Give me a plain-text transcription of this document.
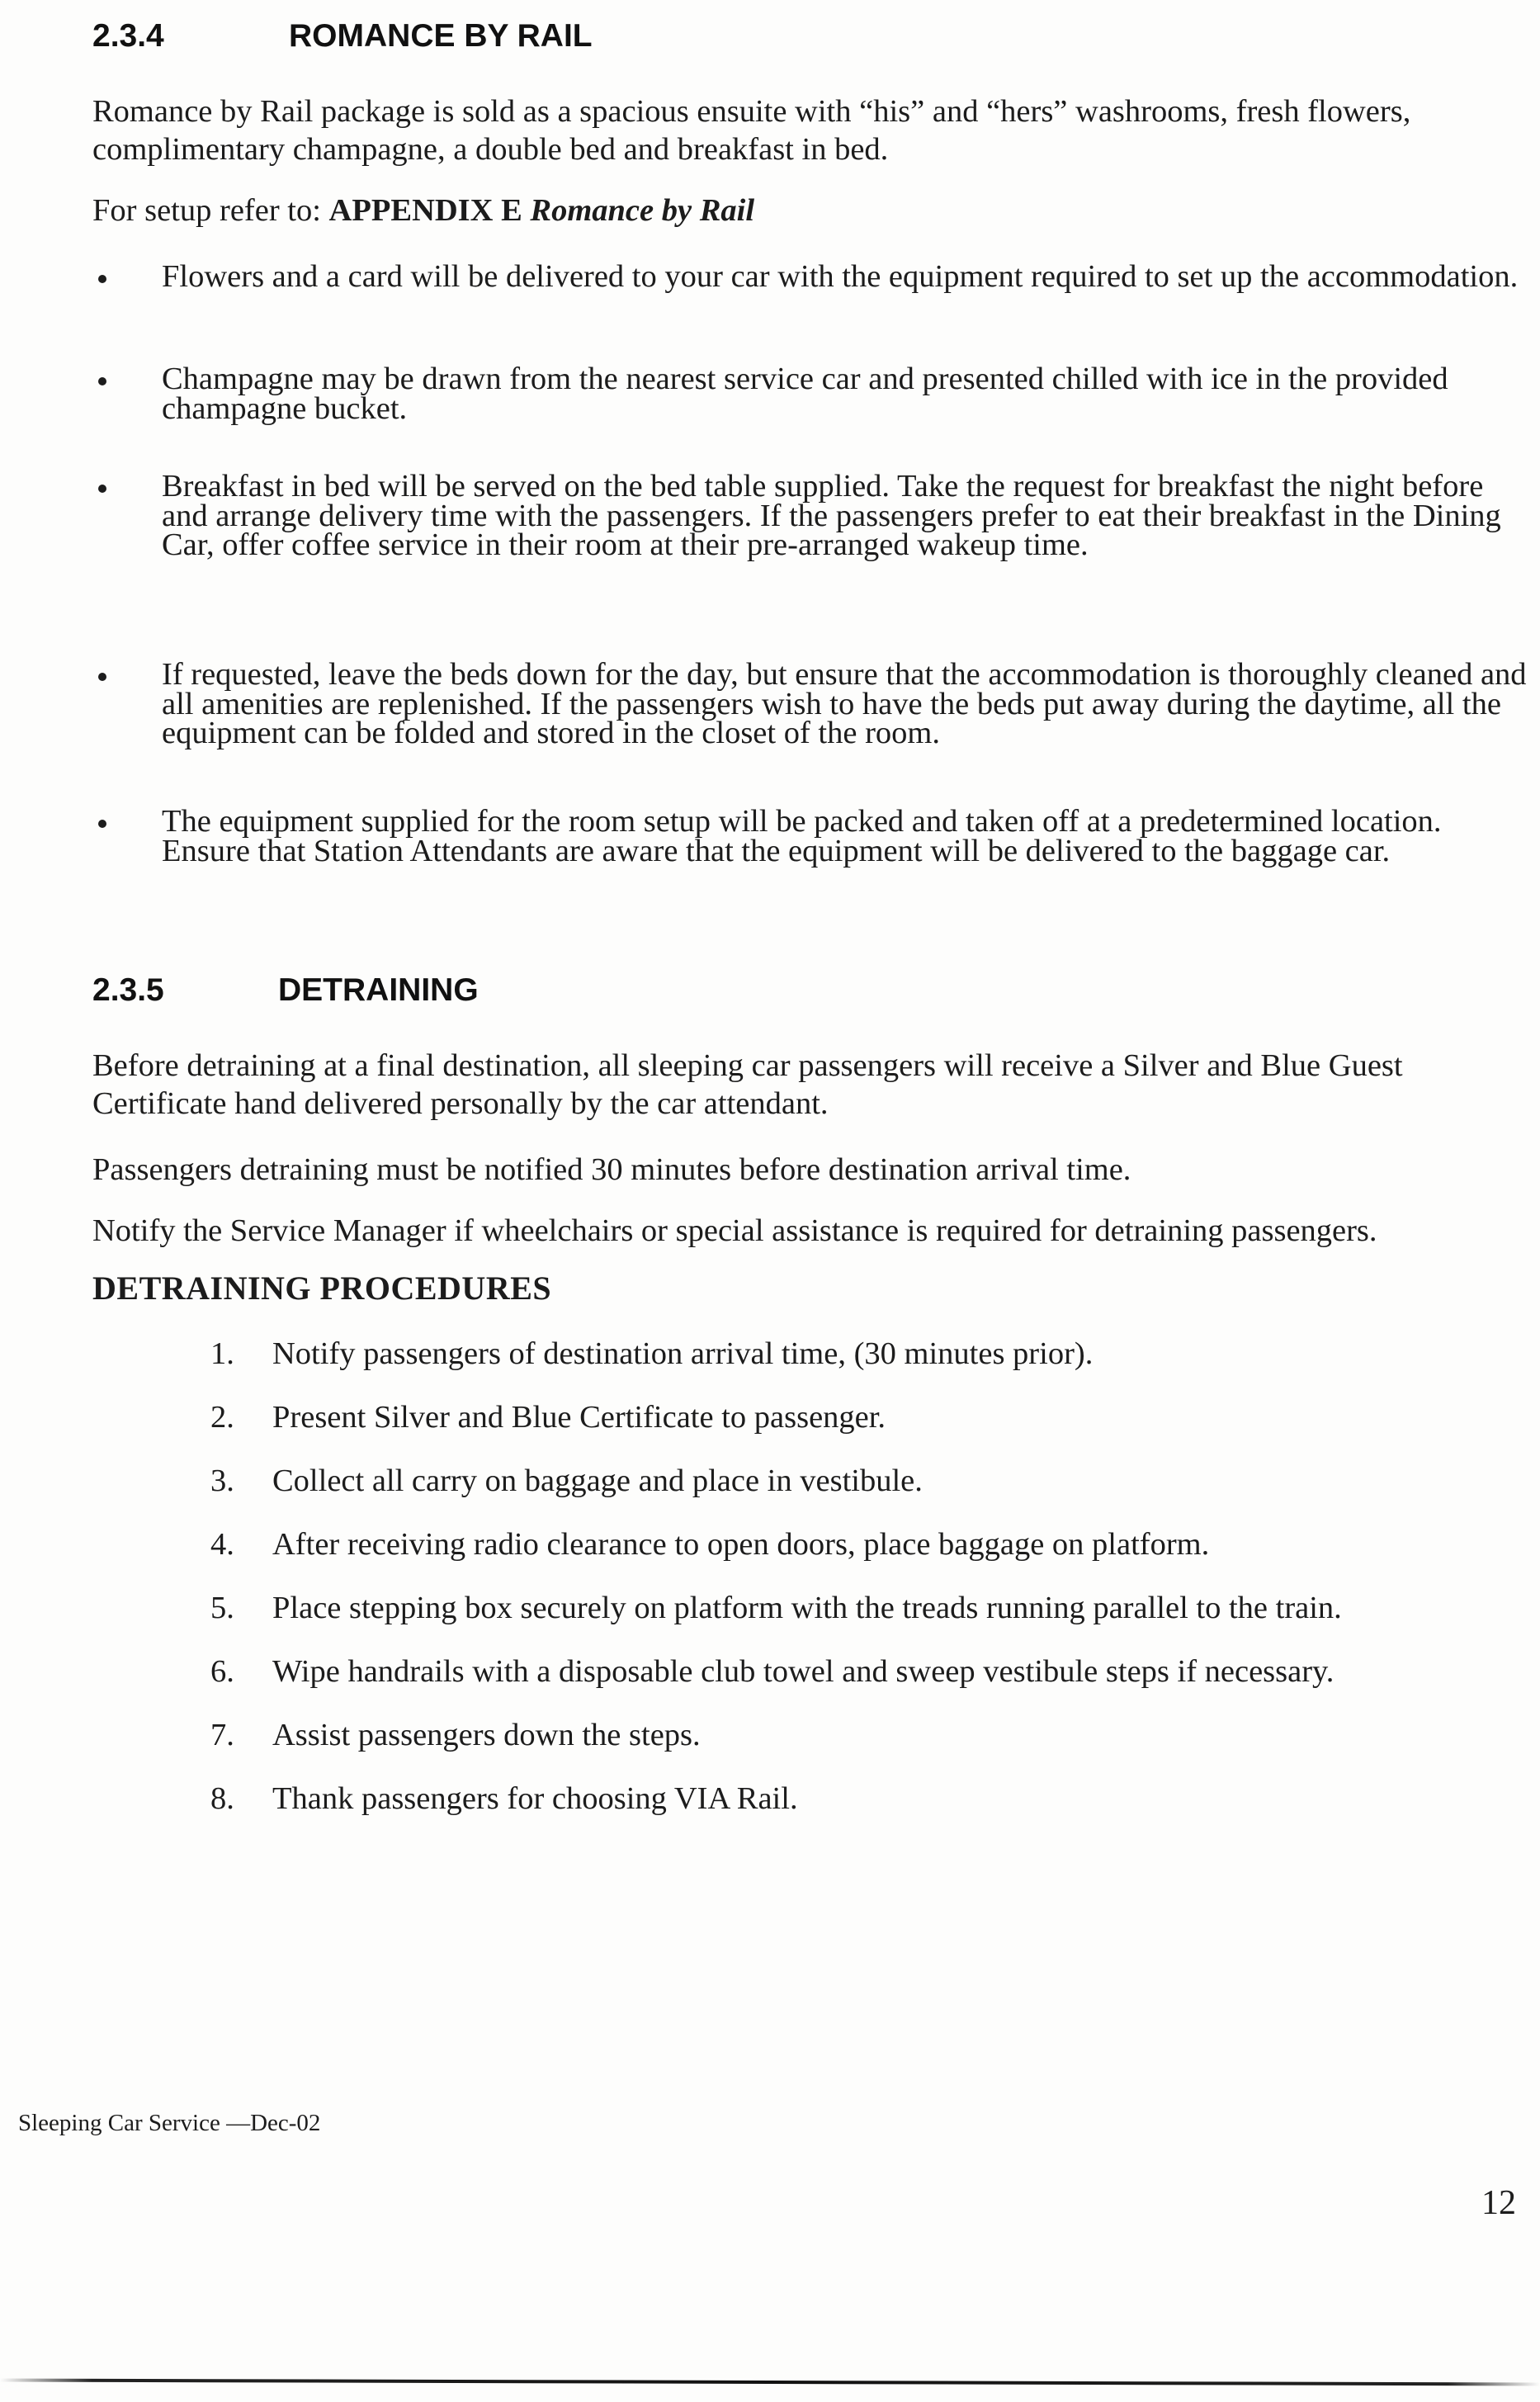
2.3.4	ROMANCE BY RAIL

Romance by Rail package is sold as a spacious ensuite with “his” and “hers” washrooms, fresh flowers, complimentary champagne, a double bed and breakfast in bed.

For setup refer to: APPENDIX E Romance by Rail

Flowers and a card will be delivered to your car with the equipment required to set up the accommodation.
Champagne may be drawn from the nearest service car and presented chilled with ice in the provided champagne bucket.
Breakfast in bed will be served on the bed table supplied. Take the request for breakfast the night before and arrange delivery time with the passengers. If the passengers prefer to eat their breakfast in the Dining Car, offer coffee service in their room at their pre-arranged wakeup time.
If requested, leave the beds down for the day, but ensure that the accommodation is thoroughly cleaned and all amenities are replenished. If the passengers wish to have the beds put away during the daytime, all the equipment can be folded and stored in the closet of the room.
The equipment supplied for the room setup will be packed and taken off at a predetermined location. Ensure that Station Attendants are aware that the equipment will be delivered to the baggage car.
2.3.5	DETRAINING

Before detraining at a final destination, all sleeping car passengers will receive a Silver and Blue Guest Certificate hand delivered personally by the car attendant.

Passengers detraining must be notified 30 minutes before destination arrival time.

Notify the Service Manager if wheelchairs or special assistance is required for detraining passengers.

DETRAINING PROCEDURES
1. Notify passengers of destination arrival time, (30 minutes prior).
2. Present Silver and Blue Certificate to passenger.
3. Collect all carry on baggage and place in vestibule.
4. After receiving radio clearance to open doors, place baggage on platform.
5. Place stepping box securely on platform with the treads running parallel to the train.
6. Wipe handrails with a disposable club towel and sweep vestibule steps if necessary.
7. Assist passengers down the steps.
8. Thank passengers for choosing VIA Rail.
Sleeping Car Service —Dec-02
12
